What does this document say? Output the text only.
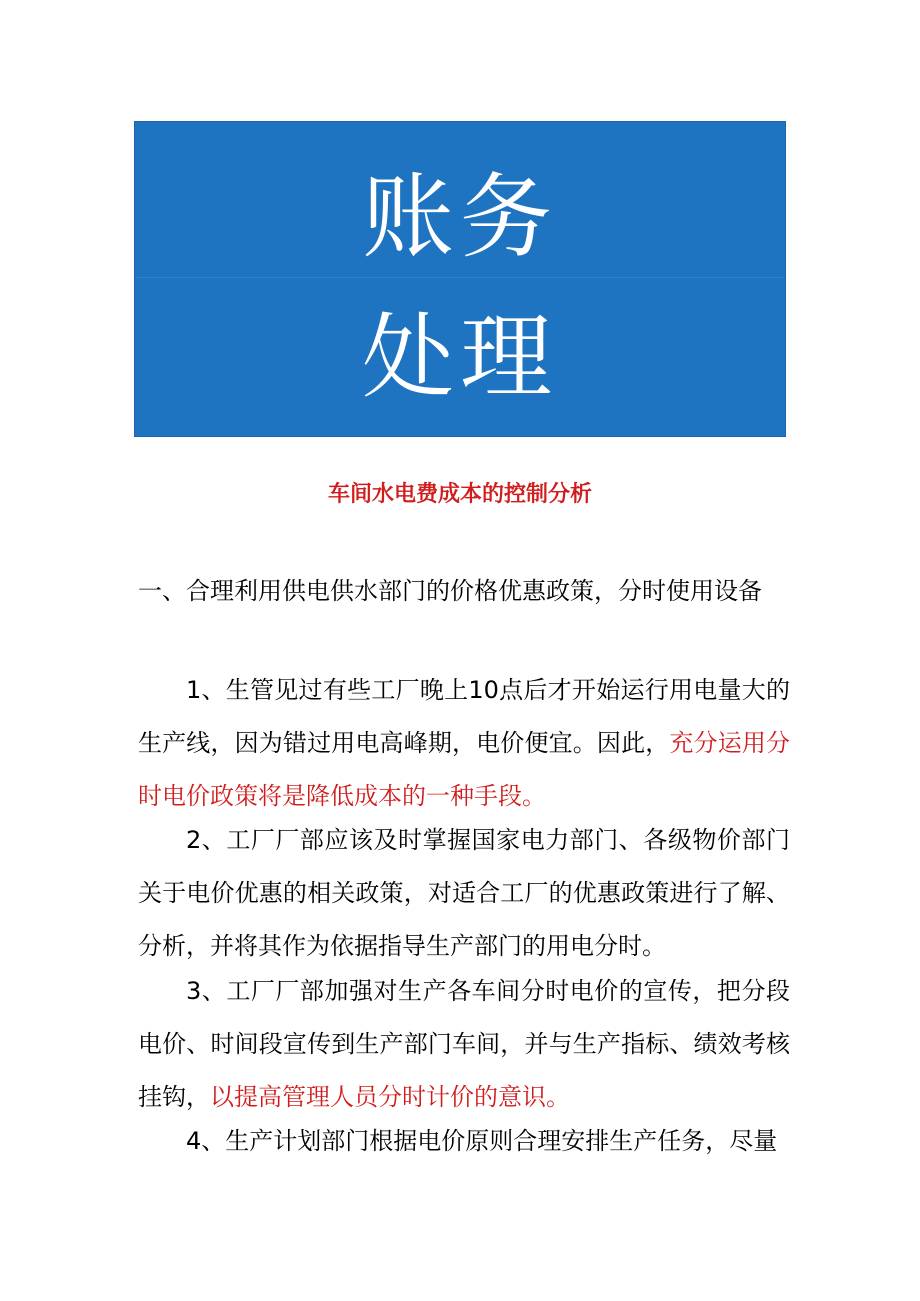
账务
处理
车间水电费成本的控制分析
一、合理利用供电供水部门的价格优惠政策，分时使用设备

1、生管见过有些工厂晚上10点后才开始运行用电量大的生产线，因为错过用电高峰期，电价便宜。因此，充分运用分时电价政策将是降低成本的一种手段。

2、工厂厂部应该及时掌握国家电力部门、各级物价部门关于电价优惠的相关政策，对适合工厂的优惠政策进行了解、分析，并将其作为依据指导生产部门的用电分时。

3、工厂厂部加强对生产各车间分时电价的宣传，把分段电价、时间段宣传到生产部门车间，并与生产指标、绩效考核挂钩，以提高管理人员分时计价的意识。

4、生产计划部门根据电价原则合理安排生产任务，尽量
